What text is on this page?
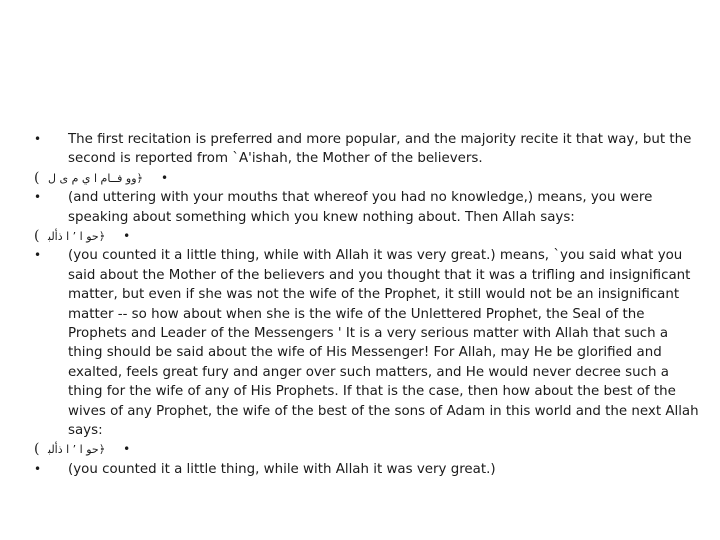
•	The first recitation is preferred and more popular, and the majority recite it that way, but the second is reported from `A'ishah, the Mother of the believers.
( ﴿ﻭﻭ ﻓــﺎﻡ ﺍ ﻱ ﻡ ﻯ ﻝ •
•	(and uttering with your mouths that whereof you had no knowledge,) means, you were speaking about something which you knew nothing about. Then Allah says:
( ﴿ﺣﻮ ﺍ ’ ﺍ ﺫﺃﻟﺒ •
•	(you counted it a little thing, while with Allah it was very great.) means, `you said what you said about the Mother of the believers and you thought that it was a trifling and insignificant matter, but even if she was not the wife of the Prophet, it still would not be an insignificant matter -- so how about when she is the wife of the Unlettered Prophet, the Seal of the Prophets and Leader of the Messengers ' It is a very serious matter with Allah that such a thing should be said about the wife of His Messenger! For Allah, may He be glorified and exalted, feels great fury and anger over such matters, and He would never decree such a thing for the wife of any of His Prophets. If that is the case, then how about the best of the wives of any Prophet, the wife of the best of the sons of Adam in this world and the next Allah says:
( ﴿ﺣﻮ ﺍ ’ ﺍ ﺫﺃﻟﺒ •
•	(you counted it a little thing, while with Allah it was very great.)
